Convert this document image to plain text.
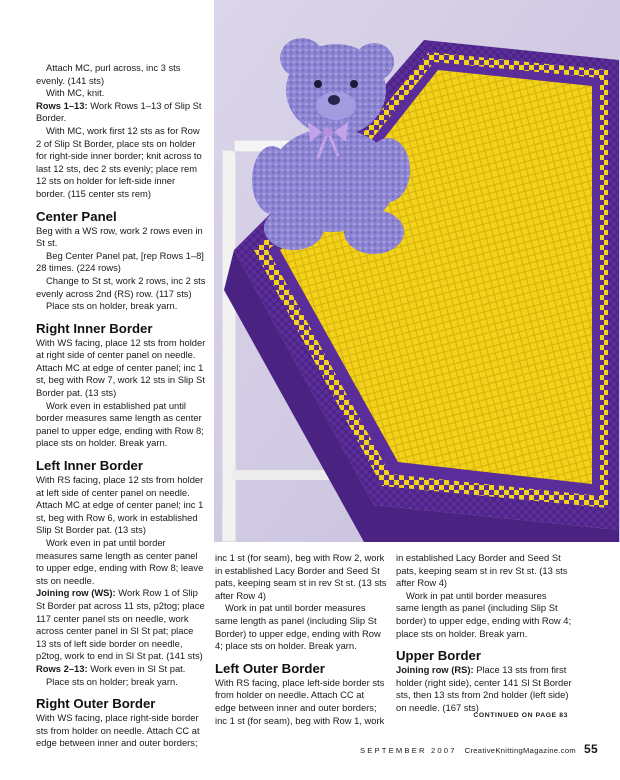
Attach MC, purl across, inc 3 sts evenly. (141 sts)

With MC, knit.

Rows 1–13: Work Rows 1–13 of Slip St Border.

With MC, work first 12 sts as for Row 2 of Slip St Border, place sts on holder for right-side inner border; knit across to last 12 sts, dec 2 sts evenly; place rem 12 sts on holder for left-side inner border. (115 center sts rem)

Center Panel

Beg with a WS row, work 2 rows even in St st.

Beg Center Panel pat, [rep Rows 1–8] 28 times. (224 rows)

Change to St st, work 2 rows, inc 2 sts evenly across 2nd (RS) row. (117 sts)

Place sts on holder, break yarn.

Right Inner Border

With WS facing, place 12 sts from holder at right side of center panel on needle. Attach MC at edge of center panel; inc 1 st, beg with Row 7, work 12 sts in Slip St Border pat. (13 sts)

Work even in established pat until border measures same length as center panel to upper edge, ending with Row 8; place sts on holder. Break yarn.

Left Inner Border

With RS facing, place 12 sts from holder at left side of center panel on needle. Attach MC at edge of center panel; inc 1 st, beg with Row 6, work in established Slip St Border pat. (13 sts)

Work even in pat until border measures same length as center panel to upper edge, ending with Row 8; leave sts on needle.

Joining row (WS): Work Row 1 of Slip St Border pat across 11 sts, p2tog; place 117 center panel sts on needle, work across center panel in Sl St pat; place 13 sts of left side border on needle, p2tog, work to end in Sl St pat. (141 sts)

Rows 2–13: Work even in Sl St pat.

Place sts on holder; break yarn.

Right Outer Border

With WS facing, place right-side border sts from holder on needle. Attach CC at edge between inner and outer borders;

inc 1 st (for seam), beg with Row 2, work in established Lacy Border and Seed St pats, keeping seam st in rev St st. (13 sts after Row 4)

Work in pat until border measures same length as panel (including Slip St Border) to upper edge, ending with Row 4; place sts on holder. Break yarn.

Left Outer Border

With RS facing, place left-side border sts from holder on needle. Attach CC at edge between inner and outer borders; inc 1 st (for seam), beg with Row 1, work

in established Lacy Border and Seed St pats, keeping seam st in rev St st. (13 sts after Row 4)

Work in pat until border measures same length as panel (including Slip St border) to upper edge, ending with Row 4; place sts on holder. Break yarn.

Upper Border

Joining row (RS): Place 13 sts from first holder (right side), center 141 Sl St Border sts, then 13 sts from 2nd holder (left side) on needle. (167 sts)

CONTINUED ON PAGE 83
SEPTEMBER 2007 CreativeKnittingMagazine.com 55
